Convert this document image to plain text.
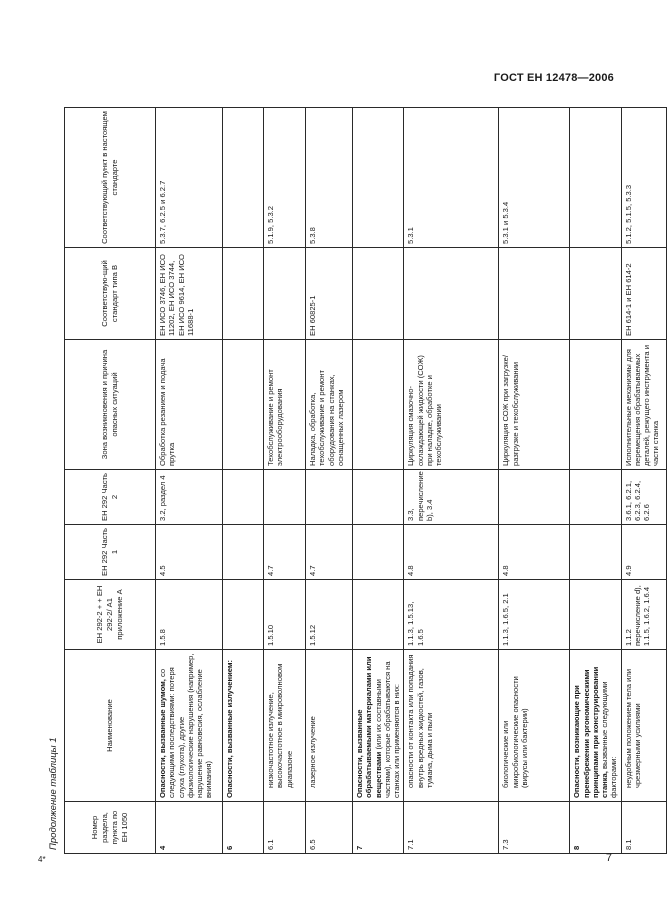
ГОСТ ЕН 12478—2006
Продолжение таблицы 1	Номер раздела, пункта по ЕН 1050	Наименование	ЕН 292-2 + + ЕН 292-2/ А1 приложение А	ЕН 292 Часть 1	ЕН 292 Часть 2	Зона возникновения и причина опасных ситуаций	Соответствую-щий стандарт типа В	Соответствующий пункт в настоящем стандарте
4	Опасности, вызванные шумом, со следующими последствиями: потеря слуха (глухота), другие физиологические нарушения (например, нарушение равновесия, ослабление внимания)	1.5.8	4.5	3.2, раздел 4	Обработка резанием и подача прутка	ЕН ИСО 3746, ЕН ИСО 11202, ЕН ИСО 3744, ЕН ИСО 9614, ЕН ИСО 11688-1	5.3.7, 6.2.5 и 6.2.7

6	Опасности, вызванные излучением:						
6.1	низкочастотное излучение, высокочастотное в микроволновом диапазоне	1.5.10	4.7		Техобслуживание и ремонт электрооборудования		5.1.9, 5.3.2
6.5	лазерное излучение	1.5.12	4.7		Наладка, обработка, техобслуживание и ремонт оборудования на станках, оснащенных лазером	ЕН 60825-1	5.3.8
7	Опасности, вызванные обрабатываемыми материалами или веществами (или их составными частями), которые обрабатываются на станках или применяются в них:						
7.1	опасности от контакта или попадания внутрь вредных жидкостей, газов, тумана, дыма и пыли	1.1.3, 1.5.13, 1.6.5	4.8	3.3, перечисление b), 3.4	Циркуляция смазочно-охлаждающей жидкости (СОЖ) при наладке, обработке и техобслуживании		5.3.1
7.3	биологические или микробиологические опасности (вирусы или бактерии)	1.1.3, 1.6.5, 2.1	4.8		Циркуляция СОЖ при загрузке/разгрузке и техобслуживании		5.3.1 и 5.3.4
8	Опасности, возникающие при пренебрежении эргономическими принципами при конструировании станка, вызванные следующими факторами:						
8.1	неудобным положением тела или чрезмерными усилиями	1.1.2 перечисление d), 1.1.5, 1.6.2, 1.6.4	4.9	3.6.1, 6.2.1, 6.2.3, 6.2.4, 6.2.6	Исполнительные механизмы для перемещения обрабатываемых деталей, режущего инструмента и части станка	ЕН 614-1 и ЕН 614-2	5.1.2, 5.1.5, 5.3.3
4*	7
